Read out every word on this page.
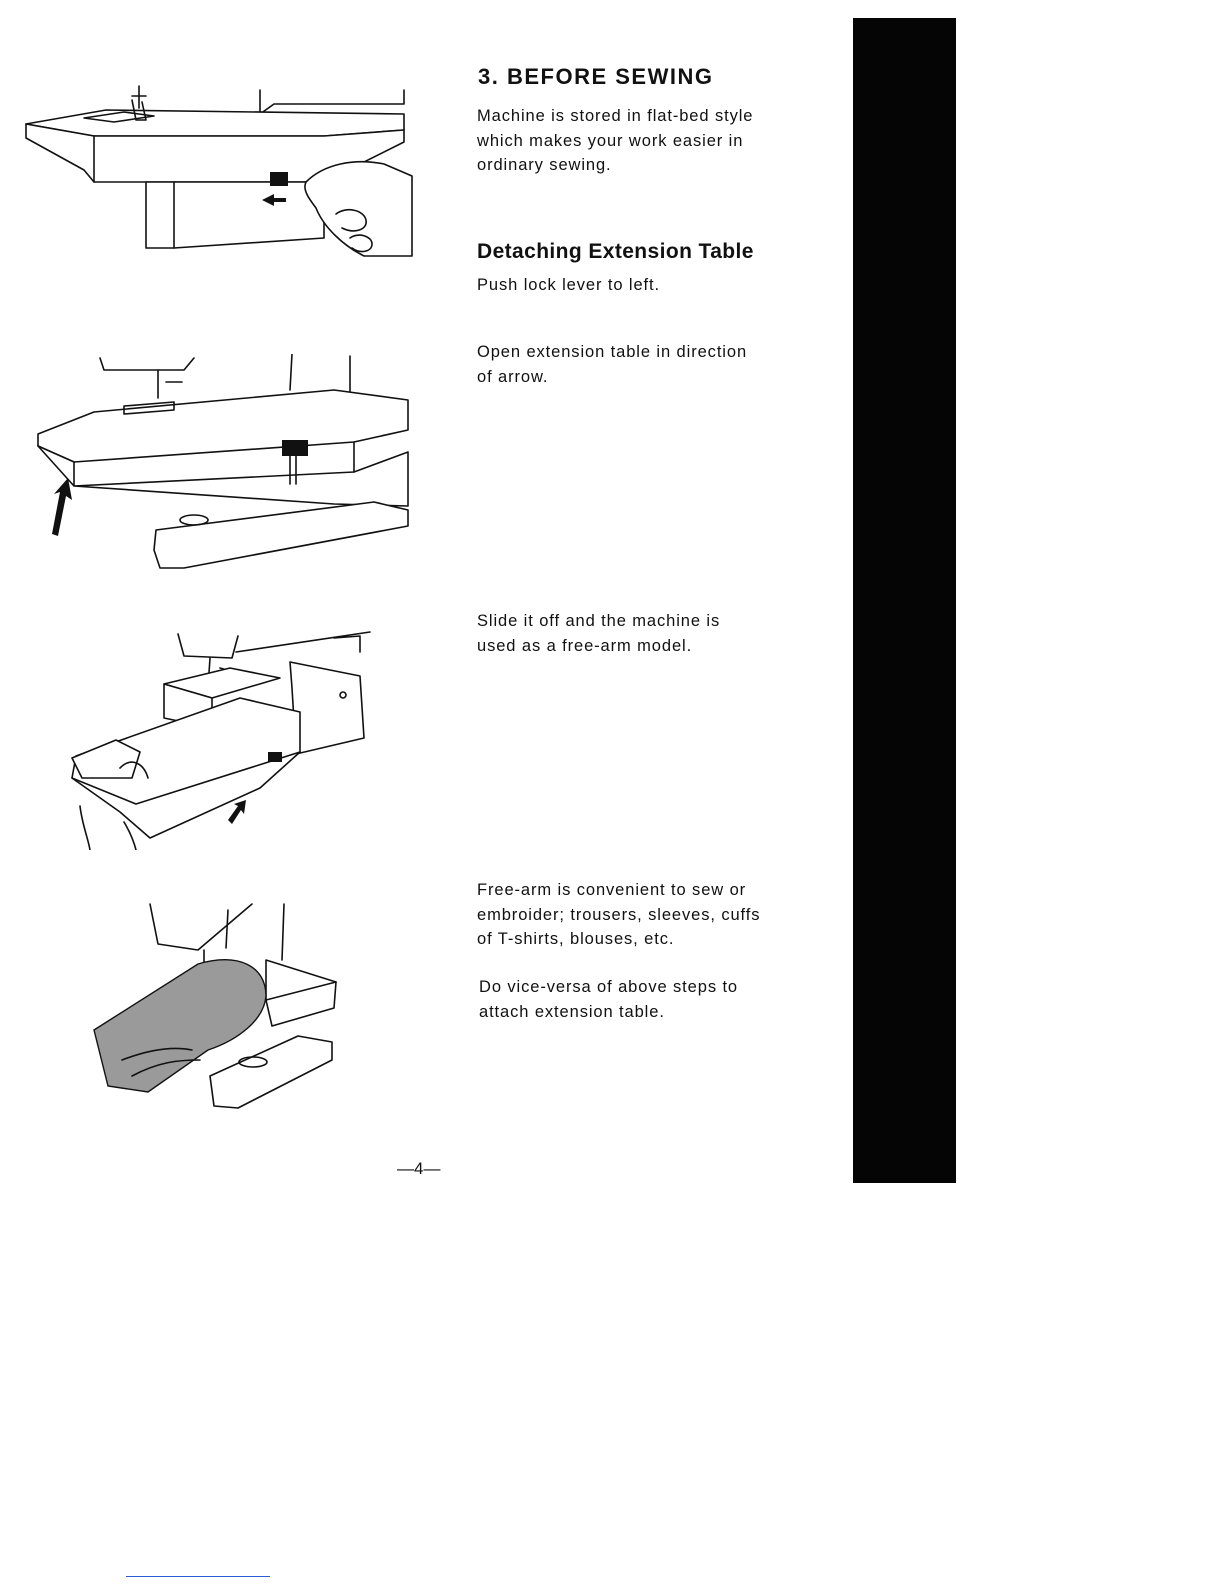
3. BEFORE SEWING

Machine is stored in flat-bed style
which makes your work easier in
ordinary sewing.

Detaching Extension Table

Push lock lever to left.

Open extension table in direction
of arrow.

Slide it off and the machine is
used as a free-arm model.

Free-arm is convenient to sew or
embroider; trousers, sleeves, cuffs
of T-shirts, blouses, etc.

Do vice-versa of above steps to
attach extension table.

—4—
